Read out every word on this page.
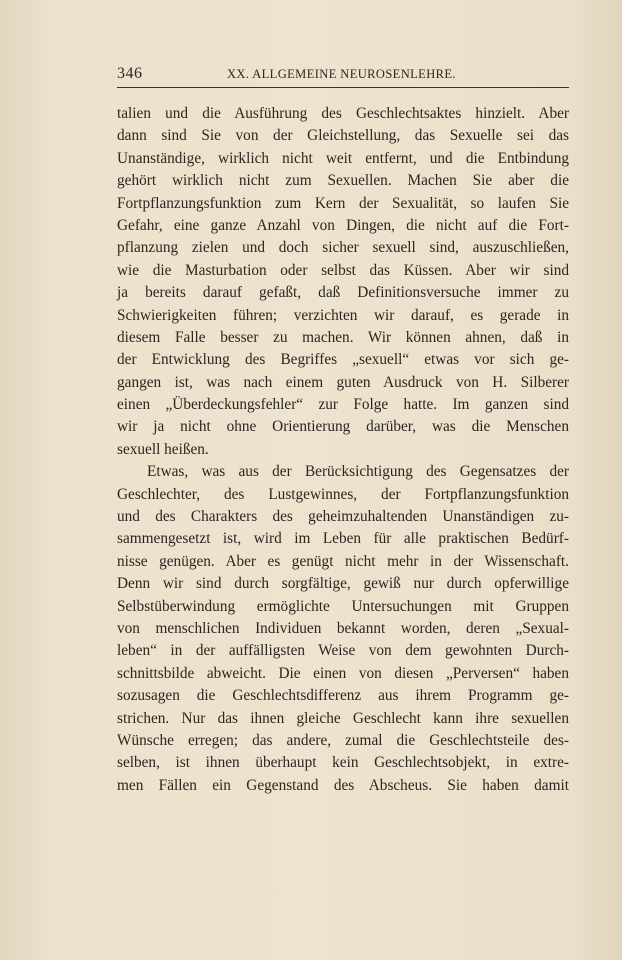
346	XX. ALLGEMEINE NEUROSENLEHRE.
talien und die Ausführung des Geschlechtsaktes hinzielt. Aber
dann sind Sie von der Gleichstellung, das Sexuelle sei das
Unanständige, wirklich nicht weit entfernt, und die Entbindung
gehört wirklich nicht zum Sexuellen. Machen Sie aber die
Fortpflanzungsfunktion zum Kern der Sexualität, so laufen Sie
Gefahr, eine ganze Anzahl von Dingen, die nicht auf die Fort-
pflanzung zielen und doch sicher sexuell sind, auszuschließen,
wie die Masturbation oder selbst das Küssen. Aber wir sind
ja bereits darauf gefaßt, daß Definitionsversuche immer zu
Schwierigkeiten führen; verzichten wir darauf, es gerade in
diesem Falle besser zu machen. Wir können ahnen, daß in
der Entwicklung des Begriffes „sexuell“ etwas vor sich ge-
gangen ist, was nach einem guten Ausdruck von H. Silberer
einen „Überdeckungsfehler“ zur Folge hatte. Im ganzen sind
wir ja nicht ohne Orientierung darüber, was die Menschen
sexuell heißen.
Etwas, was aus der Berücksichtigung des Gegensatzes der
Geschlechter, des Lustgewinnes, der Fortpflanzungsfunktion
und des Charakters des geheimzuhaltenden Unanständigen zu-
sammengesetzt ist, wird im Leben für alle praktischen Bedürf-
nisse genügen. Aber es genügt nicht mehr in der Wissenschaft.
Denn wir sind durch sorgfältige, gewiß nur durch opferwillige
Selbstüberwindung ermöglichte Untersuchungen mit Gruppen
von menschlichen Individuen bekannt worden, deren „Sexual-
leben“ in der auffälligsten Weise von dem gewohnten Durch-
schnittsbilde abweicht. Die einen von diesen „Perversen“ haben
sozusagen die Geschlechtsdifferenz aus ihrem Programm ge-
strichen. Nur das ihnen gleiche Geschlecht kann ihre sexuellen
Wünsche erregen; das andere, zumal die Geschlechtsteile des-
selben, ist ihnen überhaupt kein Geschlechtsobjekt, in extre-
men Fällen ein Gegenstand des Abscheus. Sie haben damit
